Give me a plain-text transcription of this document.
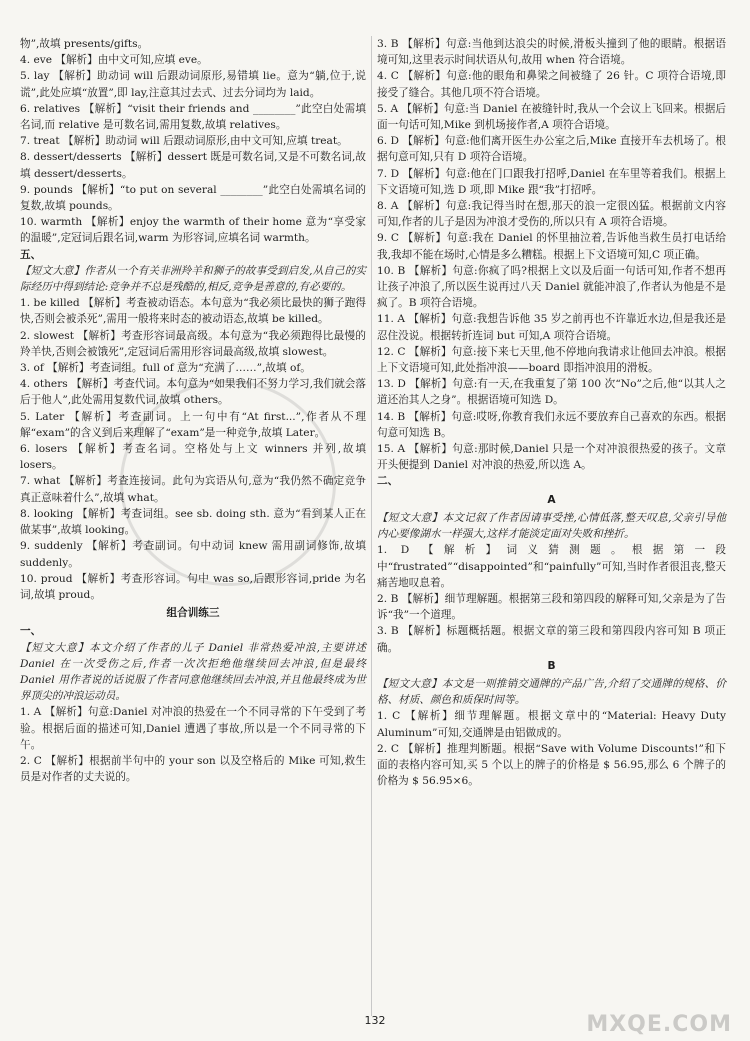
物”,故填 presents/gifts。

4. eve 【解析】由中文可知,应填 eve。

5. lay 【解析】助动词 will 后跟动词原形,易错填 lie。意为“躺,位于,说谎”,此处应填“放置”,即 lay,注意其过去式、过去分词均为 laid。

6. relatives 【解析】“visit their friends and ________”此空白处需填名词,而 relative 是可数名词,需用复数,故填 relatives。

7. treat 【解析】助动词 will 后跟动词原形,由中文可知,应填 treat。

8. dessert/desserts 【解析】dessert 既是可数名词,又是不可数名词,故填 dessert/desserts。

9. pounds 【解析】“to put on several ________”此空白处需填名词的复数,故填 pounds。

10. warmth 【解析】enjoy the warmth of their home 意为“享受家的温暖”,定冠词后跟名词,warm 为形容词,应填名词 warmth。

五、

【短文大意】作者从一个有关非洲羚羊和狮子的故事受到启发,从自己的实际经历中得到结论:竞争并不总是残酷的,相反,竞争是善意的,有必要的。

1. be killed 【解析】考查被动语态。本句意为“我必须比最快的狮子跑得快,否则会被杀死”,需用一般将来时态的被动语态,故填 be killed。

2. slowest 【解析】考查形容词最高级。本句意为“我必须跑得比最慢的羚羊快,否则会被饿死”,定冠词后需用形容词最高级,故填 slowest。

3. of 【解析】考查词组。full of 意为“充满了……”,故填 of。

4. others 【解析】考查代词。本句意为“如果我们不努力学习,我们就会落后于他人”,此处需用复数代词,故填 others。

5. Later 【解析】考查副词。上一句中有“At first...”,作者从不理解“exam”的含义到后来理解了“exam”是一种竞争,故填 Later。

6. losers 【解析】考查名词。空格处与上文 winners 并列,故填 losers。

7. what 【解析】考查连接词。此句为宾语从句,意为“我仍然不确定竞争真正意味着什么”,故填 what。

8. looking 【解析】考查词组。see sb. doing sth. 意为“看到某人正在做某事”,故填 looking。

9. suddenly 【解析】考查副词。句中动词 knew 需用副词修饰,故填 suddenly。

10. proud 【解析】考查形容词。句中 was so,后跟形容词,pride 为名词,故填 proud。

组合训练三

一、

【短文大意】本文介绍了作者的儿子 Daniel 非常热爱冲浪,主要讲述 Daniel 在一次受伤之后,作者一次次拒绝他继续回去冲浪,但是最终 Daniel 用作者说的话说服了作者同意他继续回去冲浪,并且他最终成为世界顶尖的冲浪运动员。

1. A 【解析】句意:Daniel 对冲浪的热爱在一个不同寻常的下午受到了考验。根据后面的描述可知,Daniel 遭遇了事故,所以是一个不同寻常的下午。

2. C 【解析】根据前半句中的 your son 以及空格后的 Mike 可知,救生员是对作者的丈夫说的。

3. B 【解析】句意:当他到达浪尖的时候,滑板头撞到了他的眼睛。根据语境可知,这里表示时间状语从句,故用 when 符合语境。

4. C 【解析】句意:他的眼角和鼻梁之间被缝了 26 针。C 项符合语境,即接受了缝合。其他几项不符合语境。

5. A 【解析】句意:当 Daniel 在被缝针时,我从一个会议上飞回来。根据后面一句话可知,Mike 到机场接作者,A 项符合语境。

6. D 【解析】句意:他们离开医生办公室之后,Mike 直接开车去机场了。根据句意可知,只有 D 项符合语境。

7. D 【解析】句意:他在门口跟我打招呼,Daniel 在车里等着我们。根据上下文语境可知,选 D 项,即 Mike 跟“我”打招呼。

8. A 【解析】句意:我记得当时在想,那天的浪一定很凶猛。根据前文内容可知,作者的儿子是因为冲浪才受伤的,所以只有 A 项符合语境。

9. C 【解析】句意:我在 Daniel 的怀里抽泣着,告诉他当救生员打电话给我,我却不能在场时,心情是多么糟糕。根据上下文语境可知,C 项正确。

10. B 【解析】句意:你疯了吗?根据上文以及后面一句话可知,作者不想再让孩子冲浪了,所以医生说再过八天 Daniel 就能冲浪了,作者认为他是不是疯了。B 项符合语境。

11. A 【解析】句意:我想告诉他 35 岁之前再也不许靠近水边,但是我还是忍住没说。根据转折连词 but 可知,A 项符合语境。

12. C 【解析】句意:接下来七天里,他不停地向我请求让他回去冲浪。根据上下文语境可知,此处指冲浪——board 即指冲浪用的滑板。

13. D 【解析】句意:有一天,在我重复了第 100 次“No”之后,他“以其人之道还治其人之身”。根据语境可知选 D。

14. B 【解析】句意:哎呀,你教育我们永远不要放弃自己喜欢的东西。根据句意可知选 B。

15. A 【解析】句意:那时候,Daniel 只是一个对冲浪很热爱的孩子。文章开头便提到 Daniel 对冲浪的热爱,所以选 A。

二、

A

【短文大意】本文记叙了作者因请事受挫,心情低落,整天叹息,父亲引导他内心要像湖水一样强大,这样才能淡定面对失败和挫折。

1. D 【解析】词义猜测题。根据第一段中“frustrated”“disappointed”和“painfully”可知,当时作者很沮丧,整天痛苦地叹息着。

2. B 【解析】细节理解题。根据第三段和第四段的解释可知,父亲是为了告诉“我”一个道理。

3. B 【解析】标题概括题。根据文章的第三段和第四段内容可知 B 项正确。

B

【短文大意】本文是一则推销交通牌的产品广告,介绍了交通牌的规格、价格、材质、颜色和质保时间等。

1. C 【解析】细节理解题。根据文章中的“Material: Heavy Duty Aluminum”可知,交通牌是由铝做成的。

2. C 【解析】推理判断题。根据“Save with Volume Discounts!”和下面的表格内容可知,买 5 个以上的牌子的价格是 $ 56.95,那么 6 个牌子的价格为 $ 56.95×6。

132	MXQE.COM
